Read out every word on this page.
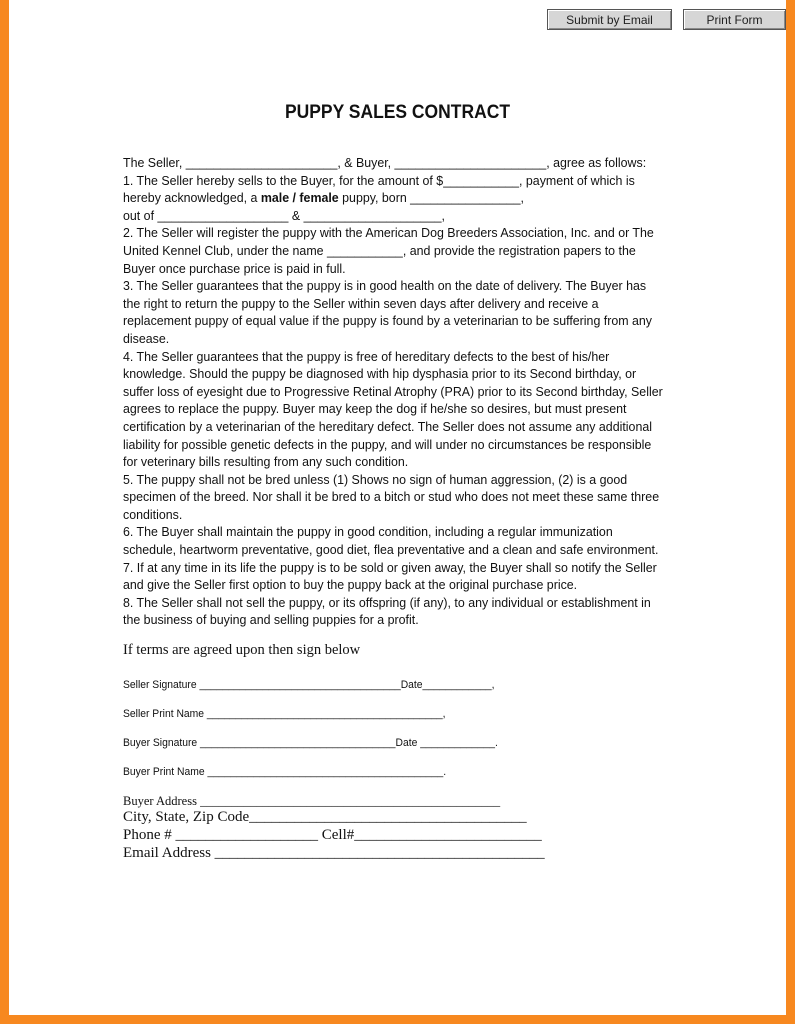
Submit by Email	Print Form
PUPPY SALES CONTRACT

The Seller, ______________________, & Buyer, ______________________, agree as follows:

1. The Seller hereby sells to the Buyer, for the amount of $___________, payment of which is

hereby acknowledged, a male / female puppy, born ________________,

out of ___________________ & ____________________,

2. The Seller will register the puppy with the American Dog Breeders Association, Inc. and or The

United Kennel Club, under the name ___________, and provide the registration papers to the

Buyer once purchase price is paid in full.

3. The Seller guarantees that the puppy is in good health on the date of delivery. The Buyer has

the right to return the puppy to the Seller within seven days after delivery and receive a

replacement puppy of equal value if the puppy is found by a veterinarian to be suffering from any

disease.

4. The Seller guarantees that the puppy is free of hereditary defects to the best of his/her

knowledge. Should the puppy be diagnosed with hip dysphasia prior to its Second birthday, or

suffer loss of eyesight due to Progressive Retinal Atrophy (PRA) prior to its Second birthday, Seller

agrees to replace the puppy. Buyer may keep the dog if he/she so desires, but must present

certification by a veterinarian of the hereditary defect. The Seller does not assume any additional

liability for possible genetic defects in the puppy, and will under no circumstances be responsible

for veterinary bills resulting from any such condition.

5. The puppy shall not be bred unless (1) Shows no sign of human aggression, (2) is a good

specimen of the breed. Nor shall it be bred to a bitch or stud who does not meet these same three

conditions.

6. The Buyer shall maintain the puppy in good condition, including a regular immunization

schedule, heartworm preventative, good diet, flea preventative and a clean and safe environment.

7. If at any time in its life the puppy is to be sold or given away, the Buyer shall so notify the Seller

and give the Seller first option to buy the puppy back at the original purchase price.

8. The Seller shall not sell the puppy, or its offspring (if any), to any individual or establishment in

the business of buying and selling puppies for a profit.

If terms are agreed upon then sign below
Seller Signature ___________________________________Date____________,
Seller Print Name _________________________________________,
Buyer Signature __________________________________Date _____________.
Buyer Print Name _________________________________________.
Buyer Address ________________________________________________
City, State, Zip Code_____________________________________
Phone # ___________________ Cell#_________________________
Email Address ____________________________________________
